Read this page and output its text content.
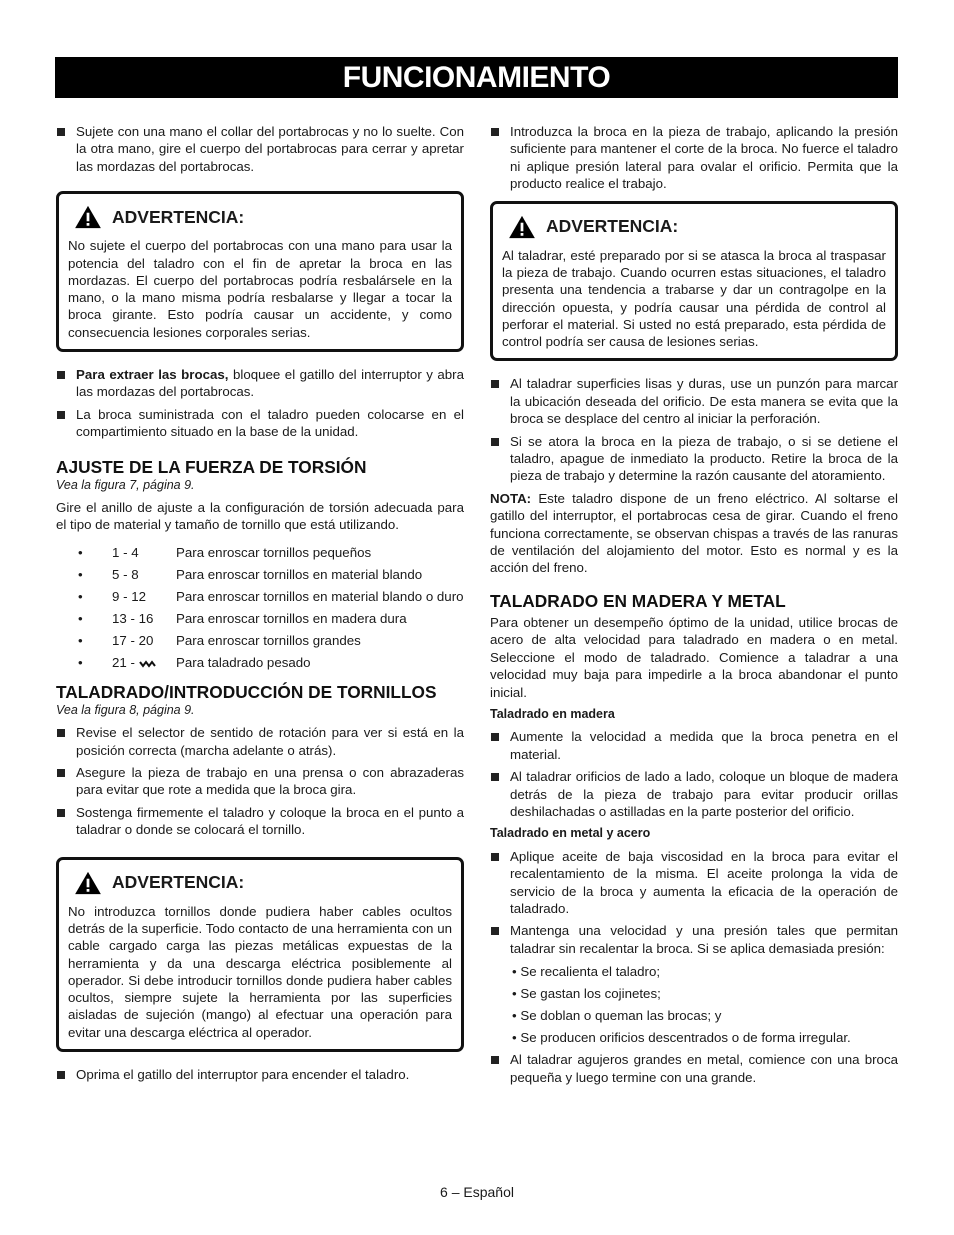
FUNCIONAMIENTO
Sujete con una mano el collar del portabrocas y no lo suelte. Con la otra mano, gire el cuerpo del portabrocas para cerrar y apretar las mordazas del portabrocas.
ADVERTENCIA:

No sujete el cuerpo del portabrocas con una mano para usar la potencia del taladro con el fin de apretar la broca en las mordazas. El cuerpo del portabrocas podría resbalársele en la mano, o la mano misma podría resbalarse y llegar a tocar la broca girante. Esto podría causar un accidente, y como consecuencia lesiones corporales serias.

Para extraer las brocas, bloquee el gatillo del interruptor y abra las mordazas del portabrocas.
La broca suministrada con el taladro pueden colocarse en el compartimiento situado en la base de la unidad.
AJUSTE DE LA FUERZA DE TORSIÓN
Vea la figura 7, página 9.

Gire el anillo de ajuste a la configuración de torsión adecuada para el tipo de material y tamaño de tornillo que está utilizando.

•	1 - 4	Para enroscar tornillos pequeños
•	5 - 8	Para enroscar tornillos en material blando
•	9 - 12	Para enroscar tornillos en material blando o duro
•	13 - 16	Para enroscar tornillos en madera dura
•	17 - 20	Para enroscar tornillos grandes
•	21 -	Para taladrado pesado
TALADRADO/INTRODUCCIÓN DE TORNILLOS
Vea la figura 8, página 9.
Revise el selector de sentido de rotación para ver si está en la posición correcta (marcha adelante o atrás).
Asegure la pieza de trabajo en una prensa o con abrazaderas para evitar que rote a medida que la broca gira.
Sostenga firmemente el taladro y coloque la broca en el punto a taladrar o donde se colocará el tornillo.
ADVERTENCIA:

No introduzca tornillos donde pudiera haber cables ocultos detrás de la superficie. Todo contacto de una herramienta con un cable cargado carga las piezas metálicas expuestas de la herramienta y da una descarga eléctrica posiblemente al operador. Si debe introducir tornillos donde pudiera haber cables ocultos, siempre sujete la herramienta por las superficies aisladas de sujeción (mango) al efectuar una operación para evitar una descarga eléctrica al operador.

Oprima el gatillo del interruptor para encender el taladro.
Introduzca la broca en la pieza de trabajo, aplicando la presión suficiente para mantener el corte de la broca. No fuerce el taladro ni aplique presión lateral para ovalar el orificio. Permita que la producto realice el trabajo.
ADVERTENCIA:

Al taladrar, esté preparado por si se atasca la broca al traspasar la pieza de trabajo. Cuando ocurren estas situaciones, el taladro presenta una tendencia a trabarse y dar un contragolpe en la dirección opuesta, y podría causar una pérdida de control al perforar el material. Si usted no está preparado, esta pérdida de control podría ser causa de lesiones serias.

Al taladrar superficies lisas y duras, use un punzón para marcar la ubicación deseada del orificio. De esta manera se evita que la broca se desplace del centro al iniciar la perforación.
Si se atora la broca en la pieza de trabajo, o si se detiene el taladro, apague de inmediato la producto. Retire la broca de la pieza de trabajo y determine la razón causante del atoramiento.

NOTA: Este taladro dispone de un freno eléctrico. Al soltarse el gatillo del interruptor, el portabrocas cesa de girar. Cuando el freno funciona correctamente, se observan chispas a través de las ranuras de ventilación del alojamiento del motor. Esto es normal y es la acción del freno.

TALADRADO EN MADERA Y METAL

Para obtener un desempeño óptimo de la unidad, utilice brocas de acero de alta velocidad para taladrado en madera o en metal. Seleccione el modo de taladrado. Comience a taladrar a una velocidad muy baja para impedirle a la broca abandonar el punto inicial.

Taladrado en madera
Aumente la velocidad a medida que la broca penetra en el material.
Al taladrar orificios de lado a lado, coloque un bloque de madera detrás de la pieza de trabajo para evitar producir orillas deshilachadas o astilladas en la parte posterior del orificio.
Taladrado en metal y acero
Aplique aceite de baja viscosidad en la broca para evitar el recalentamiento de la misma. El aceite prolonga la vida de servicio de la broca y aumenta la eficacia de la operación de taladrado.
Mantenga una velocidad y una presión tales que permitan taladrar sin recalentar la broca. Si se aplica demasiada presión:
• Se recalienta el taladro;
• Se gastan los cojinetes;
• Se doblan o queman las brocas; y
• Se producen orificios descentrados o de forma irregular.
Al taladrar agujeros grandes en metal, comience con una broca pequeña y luego termine con una grande.
6 – Español
